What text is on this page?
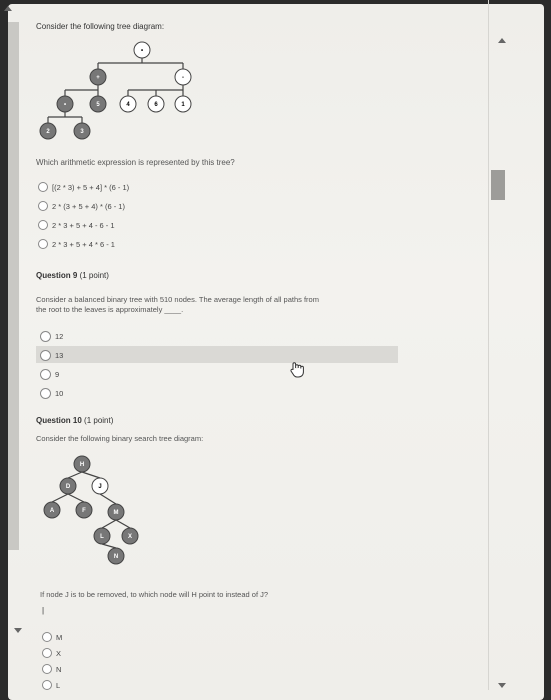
Consider the following tree diagram:
•
+	-
•	5	4	6	1
2	3
Which arithmetic expression is represented by this tree?
[(2 * 3) + 5 + 4] * (6 - 1)
2 * (3 + 5 + 4) * (6 - 1)
2 * 3 + 5 + 4 - 6 - 1
2 * 3 + 5 + 4 * 6 - 1
Question 9 (1 point)
Consider a balanced binary tree with 510 nodes. The average length of all paths from
the root to the leaves is approximately ____.
12
13
9
10
Question 10 (1 point)
Consider the following binary search tree diagram:
H
D	J
A	F	M
L	X
N
If node J is to be removed, to which node will H point to instead of J?
|
M
X
N
L
